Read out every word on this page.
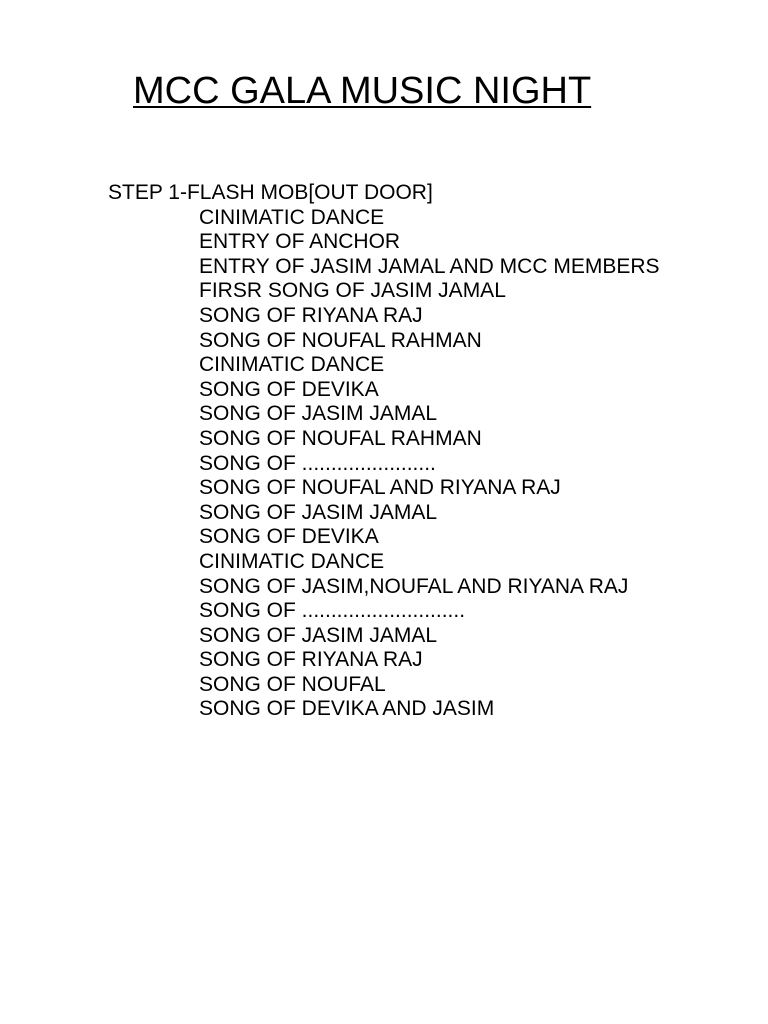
MCC GALA MUSIC NIGHT

STEP 1-FLASH MOB[OUT DOOR]

CINIMATIC DANCE
ENTRY OF ANCHOR
ENTRY OF JASIM JAMAL AND MCC MEMBERS
FIRSR SONG OF JASIM JAMAL
SONG OF RIYANA RAJ
SONG OF NOUFAL RAHMAN
CINIMATIC DANCE
SONG OF DEVIKA
SONG OF JASIM JAMAL
SONG OF NOUFAL RAHMAN
SONG OF .......................
SONG OF NOUFAL AND RIYANA RAJ
SONG OF JASIM JAMAL
SONG OF DEVIKA
CINIMATIC DANCE
SONG OF JASIM,NOUFAL AND RIYANA RAJ
SONG OF ............................
SONG OF JASIM JAMAL
SONG OF RIYANA RAJ
SONG OF NOUFAL
SONG OF DEVIKA AND JASIM
